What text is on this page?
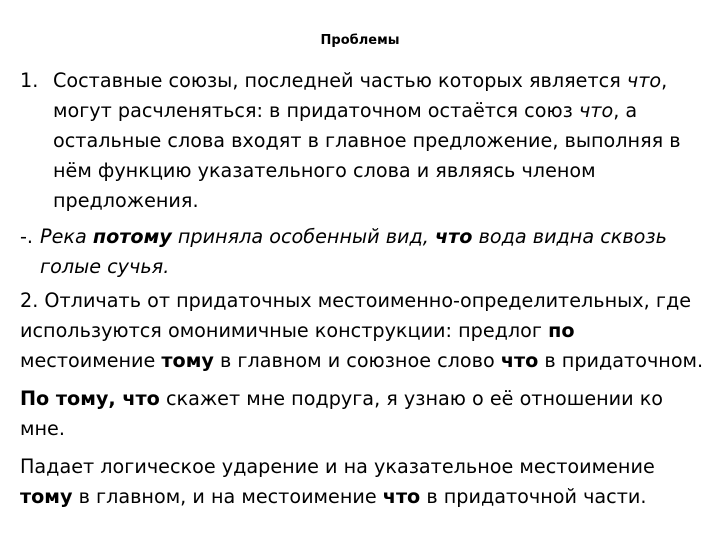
Проблемы
1. Составные союзы, последней частью которых является что, могут расчленяться: в придаточном остаётся союз что, а остальные слова входят в главное предложение, выполняя в нём функцию указательного слова и являясь членом предложения.
-. Река потому приняла особенный вид, что вода видна сквозь голые сучья.
2. Отличать от придаточных местоименно-определительных, где используются омонимичные конструкции: предлог по местоимение тому в главном и союзное слово что в придаточном.
По тому, что скажет мне подруга, я узнаю о её отношении ко мне.
Падает логическое ударение и на указательное местоимение тому в главном, и на местоимение что в придаточной части.
